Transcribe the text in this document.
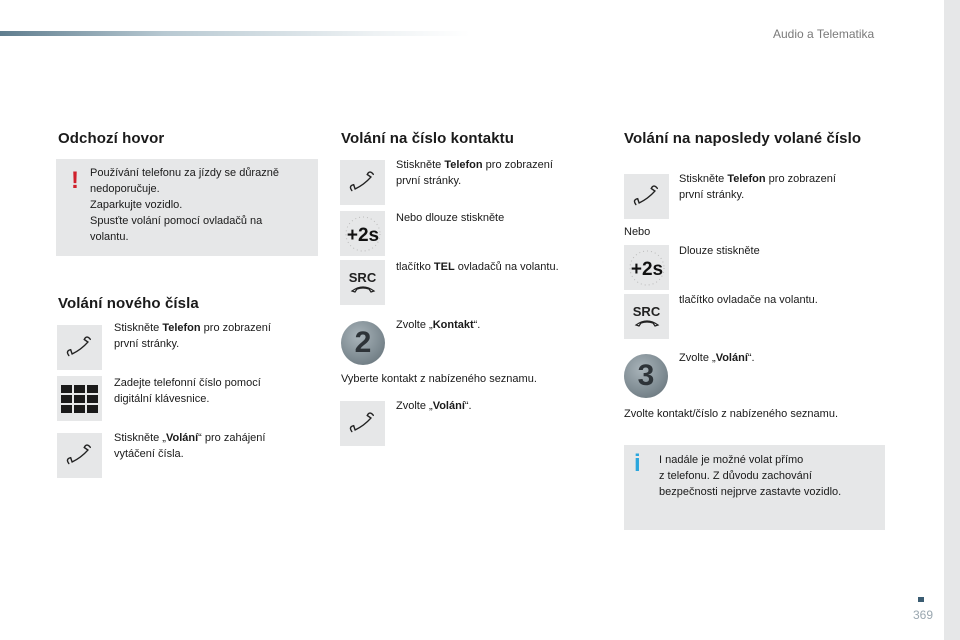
Audio a Telematika
369
Odchozí hovor
! Používání telefonu za jízdy se důrazně
nedoporučuje.
Zaparkujte vozidlo.
Spusťte volání pomocí ovladačů na
volantu.
Volání nového čísla
Stiskněte Telefon pro zobrazení
první stránky.
Zadejte telefonní číslo pomocí
digitální klávesnice.
Stiskněte „Volání“ pro zahájení
vytáčení čísla.
Volání na číslo kontaktu
Stiskněte Telefon pro zobrazení
první stránky.
+2s
Nebo dlouze stiskněte
SRC
tlačítko TEL ovladačů na volantu.
2
Zvolte „Kontakt“.
Vyberte kontakt z nabízeného seznamu.
Zvolte „Volání“.
Volání na naposledy volané číslo
Stiskněte Telefon pro zobrazení
první stránky.
Nebo
+2s
Dlouze stiskněte
SRC
tlačítko ovladače na volantu.
3
Zvolte „Volání“.
Zvolte kontakt/číslo z nabízeného seznamu.
i I nadále je možné volat přímo
z telefonu. Z důvodu zachování
bezpečnosti nejprve zastavte vozidlo.
